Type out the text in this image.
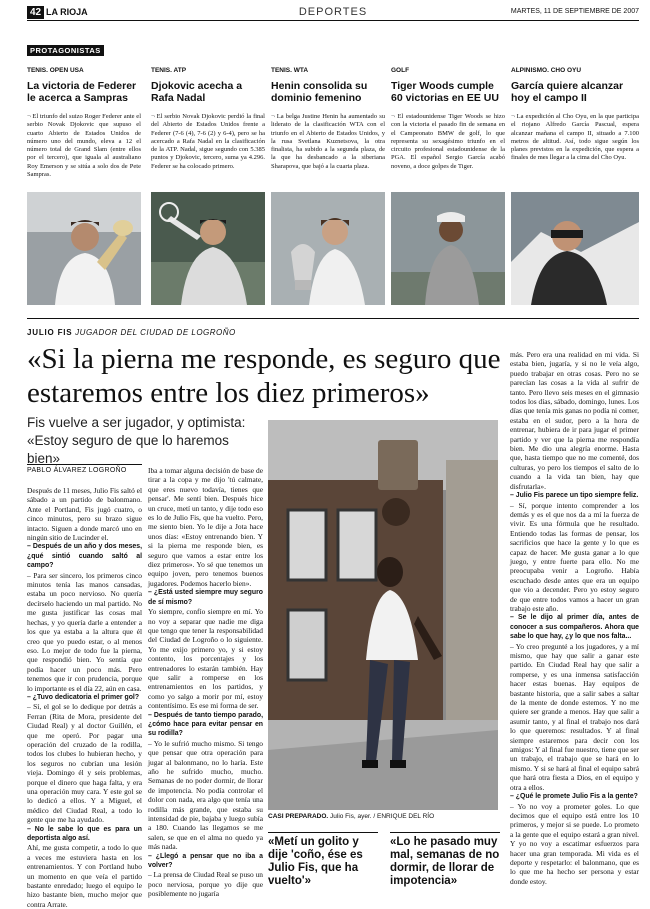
42 LA RIOJA	DEPORTES	MARTES, 11 DE SEPTIEMBRE DE 2007
PROTAGONISTAS
TENIS. OPEN USA
La victoria de Federer le acerca a Sampras
¬ El triunfo del suizo Roger Federer ante el serbio Novak Djokovic que supuso el cuarto Abierto de Estados Unidos de número uno del mundo, eleva a 12 el número total de Grand Slam (entre ellos por el tercero), que iguala al australiano Roy Emerson y se sitúa a solo dos de Pete Sampras.
TENIS. ATP
Djokovic acecha a Rafa Nadal
¬ El serbio Novak Djokovic perdió la final del Abierto de Estados Unidos frente a Federer (7-6 (4), 7-6 (2) y 6-4), pero se ha acercado a Rafa Nadal en la clasificación de la ATP. Nadal, sigue segundo con 5.385 puntos y Djokovic, tercero, suma ya 4.296. Federer se ha colocado primero.
TENIS. WTA
Henin consolida su dominio femenino
¬ La belga Justine Henin ha aumentado su liderato de la clasificación WTA con el triunfo en el Abierto de Estados Unidos, y la rusa Svetlana Kuznetsova, la otra finalista, ha subido a la segunda plaza, de la que ha desbancado a la siberiana Sharapova, que bajó a la cuarta plaza.
GOLF
Tiger Woods cumple 60 victorias en EE UU
¬ El estadounidense Tiger Woods se hizo con la victoria el pasado fin de semana en el Campeonato BMW de golf, lo que representa su sexagésimo triunfo en el circuito profesional estadounidense de la PGA. El español Sergio García acabó noveno, a doce golpes de Tiger.
ALPINISMO. CHO OYU
García quiere alcanzar hoy el campo II
¬ La expedición al Cho Oyu, en la que participa el riojano Alfredo García Pascual, espera alcanzar mañana el campo II, situado a 7.100 metros de altitud. Así, todo sigue según los planes previstos en la expedición, que espera a finales de mes llegar a la cima del Cho Oyu.
JULIO FIS JUGADOR DEL CIUDAD DE LOGROÑO
«Si la pierna me responde, es seguro que estaremos entre los diez primeros»
Fis vuelve a ser jugador, y optimista:
«Estoy seguro de que lo haremos bien»
PABLO ÁLVAREZ LOGROÑO

Después de 11 meses, Julio Fis saltó el sábado a un partido de balonmano. Ante el Portland, Fis jugó cuatro, o cinco minutos, pero su brazo sigue intacto. Siguen a donde marcó uno en ningún sitio de Lucinder el.

– Después de un año y dos meses, ¿qué sintió cuando saltó al campo?

– Para ser sincero, los primeros cinco minutos tenía las manos cansadas, estaba un poco nervioso. No quería decírselo haciendo un mal partido. No me gusta justificar las cosas mal hechas, y yo quería darle a entender a los que ya estaba a la altura que él creo que yo puedo estar, o al menos eso. Lo mejor de todo fue la pierna, que respondió bien. Yo sentía que podía hacer un poco más. Pero tenemos que ir con prudencia, porque lo importante es el día 22, aún en casa.

– ¿Tuvo dedicatoria el primer gol?

– Sí, el gol se lo dedique por detrás a Ferran (Rita de Mora, presidente del Ciudad Real) y al doctor Guillén, el que me operó. Por pagar una operación del cruzado de la rodilla, todos los clubes lo hubieran hecho, y los seguros no cubrían una lesión vieja. Domingo él y seis problemas, porque el dinero que haga falta, y era una operación muy cara. Y este gol se lo dedicó a ellos. Y a Miguel, el médico del Ciudad Real, a todo lo gente que me ha ayudado.

– No le sabe lo que es para un deportista algo así.

Ahí, me gusta competir, a todo lo que a veces me estuviera hasta en los entrenamientos. Y con Portland hubo un momento en que veía el partido bastante enredado; luego el equipo le hizo bastante bien, mucho mejor que contra Arrate.

Iba a tomar alguna decisión de base de tirar a la copa y me dijo 'tú calmate, que eres nuevo todavía, tienes que pensar'. Me sentí bien. Después hice un cruce, metí un tanto, y dije todo eso es lo de Julio Fis, que ha vuelto. Pero, me siento bien. Yo le dije a Jota hace unos días: «Estoy entrenando bien. Y si la pierna me responde bien, es seguro que vamos a estar entre los diez primeros». Yo sé que tenemos un equipo joven, pero tenemos buenos jugadores. Podemos hacerlo bien».

– ¿Está usted siempre muy seguro de sí mismo?

Yo siempre, confío siempre en mí. Yo no voy a separar que nadie me diga que tengo que tener la responsabilidad del Ciudad de Logroño o lo siguiente. Yo me exijo primero yo, y si estoy contento, los porcentajes y los entrenadores lo estarán también. Hay que salir a romperse en los entrenamientos en los partidos, y como yo salgo a morir por mí, estoy contentísimo. Es ese mi forma de ser.

– Después de tanto tiempo parado, ¿cómo hace para evitar pensar en su rodilla?

– Yo le sufrió mucho mismo. Si tengo que pensar que otra operación para jugar al balonmano, no lo haría. Este año he sufrido mucho, mucho. Semanas de no poder dormir, de llorar de impotencia. No podía controlar el dolor con nada, era algo que tenía una rodilla más grande, que estaba su intensidad de pie, bajaba y luego subía a 180. Cuando las llegamos se me salen, se que en el alma no quedo ya más nada.

– ¿Llegó a pensar que no iba a volver?

– La prensa de Ciudad Real se puso un poco nerviosa, porque yo dije que posiblemente no jugaría

más. Pero era una realidad en mi vida. Si estaba bien, jugaría, y si no le veía algo, puedo trabajar en otras cosas. Pero no se parecían las cosas a la vida al sufrir de tanto. Pero llevo seis meses en el gimnasio todos los días, sábado, domingo, lunes. Los días que tenía mis ganas no podía ni comer, estaba en el sudor, pero a la hora de entrenar, hubiera de ir para jugar el primer partido y ver que la pierna me respondía bien. Me dio una alegría enorme. Hasta que, hasta tiempo que no me comenté, dos culturas, yo pero los tiempos el salto de lo cuando a la vida tan bien, hay que disfrutarla».

– Julio Fis parece un tipo siempre feliz.

– Sí, porque intento comprender a los demás y es el que nos da a mí la fuerza de vivir. Es una fórmula que he resultado. Entiendo todas las formas de pensar, los sacrificios que hace la gente y lo que es capaz de hacer. Me gusta ganar a lo que juego, y entre fuerte para ello. No me preocupaba venir a Logroño. Había escuchado desde antes que era un equipo que vio a decender. Pero yo estoy seguro de que entre todos vamos a hacer un gran trabajo este año.

– Se le dijo al primer día, antes de conocer a sus compañeros. Ahora que sabe lo que hay, ¿y lo que nos falta...

– Yo creo pregunté a los jugadores, y a mí mismo, que hay que salir a ganar este partido. En Ciudad Real hay que salir a romperse, y es una inmensa satisfacción hacer estas buenas. Hay equipos de bastante historia, que a salir sabes a saltar de la mente de donde estemos. Y no me quiere ser grande a menos. Hay que salir a asumir tanto, y al final el trabajo nos dará lo que queremos: resultados. Y al final siempre estaremos para decir con los amigos: Y al final fue nuestro, tiene que ser un trabajo, el trabajo que se hará en lo mismo. Y si se hará al final el equipo sabrá que hará otra fiesta a Dios, en el equipo y otra a ellos.

– ¿Qué le promete Julio Fis a la gente?

– Yo no voy a prometer goles. Lo que decimos que el equipo está entre los 10 primeros, y mejor si se puede. Lo prometo a la gente que el equipo estará a gran nivel. Y yo no voy a escatimar esfuerzos para hacer una gran temporada. Mi vida es el deporte y respetarlo: el balonmano, que es lo que me ha hecho ser persona y estar donde estoy.

CASI PREPARADO. Julio Fis, ayer. / ENRIQUE DEL RÍO
«Metí un golito y dije 'coño, ése es Julio Fis, que ha vuelto'»
«Lo he pasado muy mal, semanas de no dormir, de llorar de impotencia»
